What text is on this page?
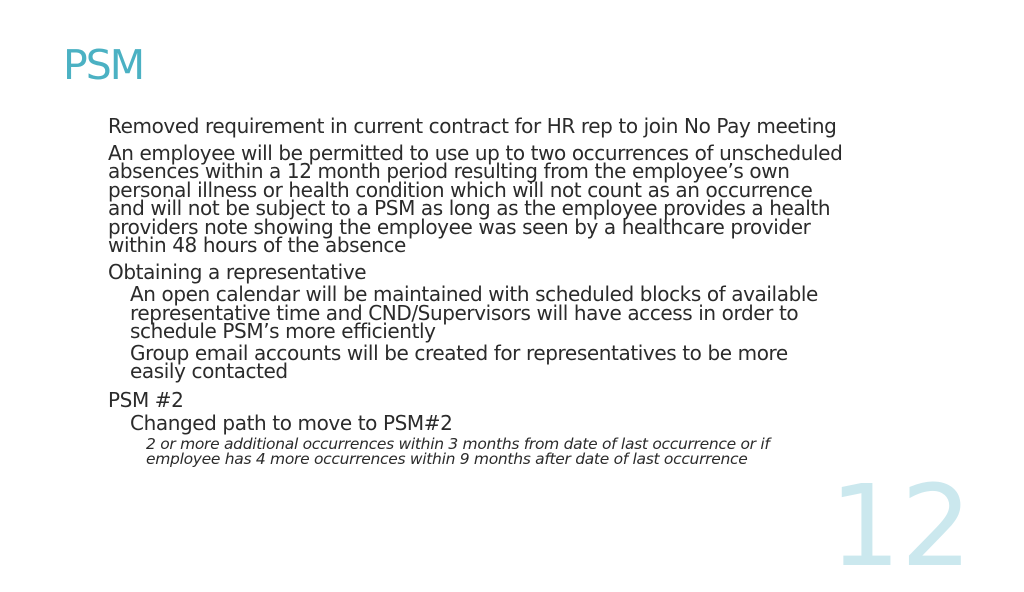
PSM
Removed requirement in current contract for HR rep to join No Pay meeting
An employee will be permitted to use up to two occurrences of unscheduled absences within a 12 month period resulting from the employee’s own personal illness or health condition which will not count as an occurrence and will not be subject to a PSM as long as the employee provides a health providers note showing the employee was seen by a healthcare provider within 48 hours of the absence
Obtaining a representative
An open calendar will be maintained with scheduled blocks of available representative time and CND/Supervisors will have access in order to schedule PSM’s more efficiently
Group email accounts will be created for representatives to be more easily contacted
PSM #2
Changed path to move to PSM#2
2 or more additional occurrences within 3 months from date of last occurrence or if employee has 4 more occurrences within 9 months after date of last occurrence
12
